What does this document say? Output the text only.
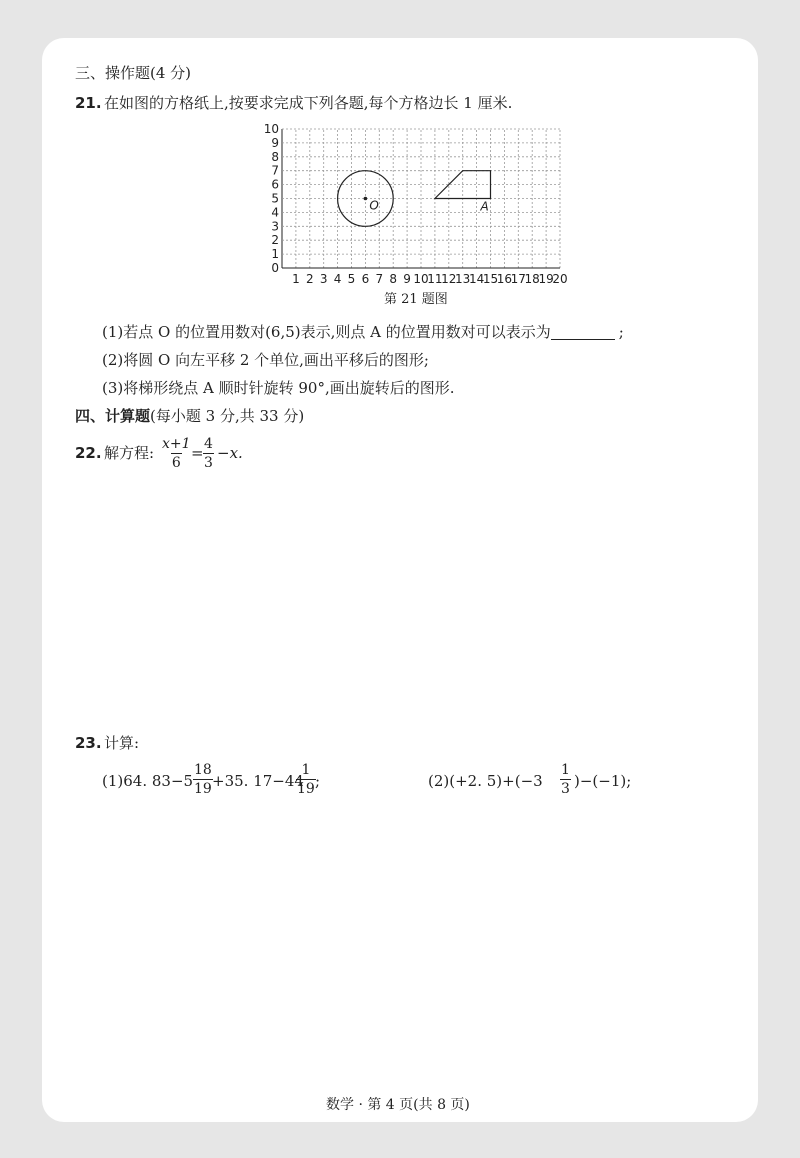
三、操作题(4 分)
21. 在如图的方格纸上,按要求完成下列各题,每个方格边长 1 厘米.
1 2 3 4 5 6 7 8 9 10
11
12
13
14
15
16
17
18
19
20
0
1
2
3
4
5
6
7
8
9
10
O	A
第 21 题图
(1)若点 O 的位置用数对(6,5)表示,则点 A 的位置用数对可以表示为	;
(2)将圆 O 向左平移 2 个单位,画出平移后的图形;
(3)将梯形绕点 A 顺时针旋转 90°,画出旋转后的图形.
四、计算题(每小题 3 分,共 33 分)
22. 解方程: $\frac{x+1}{6} = \frac{4}{3} -x$.
23. 计算:
(1)64. $83-5 \frac{18}{19} +35$. 17−44
$\frac{1}{19}$ ;	(2)(+2. $5)+(-3 \frac{1}{3} )-(-1)$;
数学 · 第 4 页(共 8 页)
